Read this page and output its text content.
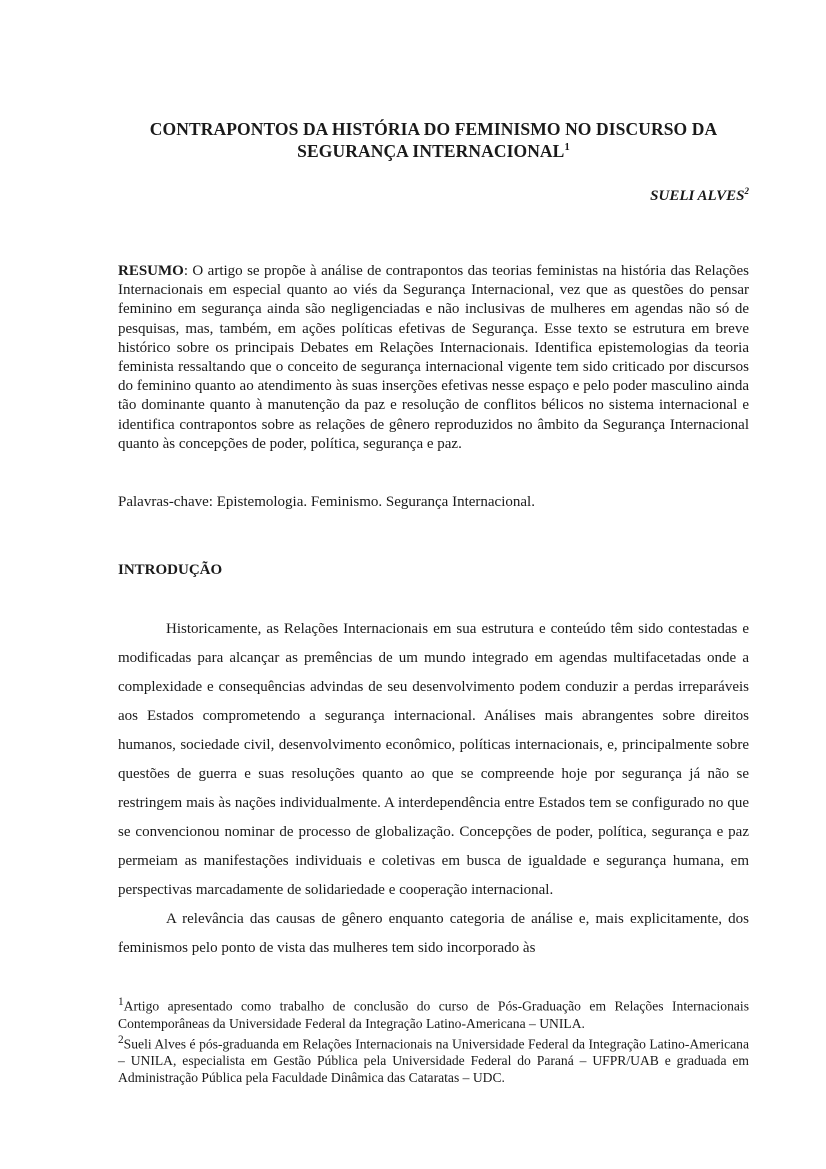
CONTRAPONTOS DA HISTÓRIA DO FEMINISMO NO DISCURSO DA
SEGURANÇA INTERNACIONAL$^1$
SUELI ALVES$^2$

RESUMO: O artigo se propõe à análise de contrapontos das teorias feministas na história das Relações Internacionais em especial quanto ao viés da Segurança Internacional, vez que as questões do pensar feminino em segurança ainda são negligenciadas e não inclusivas de mulheres em agendas não só de pesquisas, mas, também, em ações políticas efetivas de Segurança. Esse texto se estrutura em breve histórico sobre os principais Debates em Relações Internacionais. Identifica epistemologias da teoria feminista ressaltando que o conceito de segurança internacional vigente tem sido criticado por discursos do feminino quanto ao atendimento às suas inserções efetivas nesse espaço e pelo poder masculino ainda tão dominante quanto à manutenção da paz e resolução de conflitos bélicos no sistema internacional e identifica contrapontos sobre as relações de gênero reproduzidos no âmbito da Segurança Internacional quanto às concepções de poder, política, segurança e paz.

Palavras-chave: Epistemologia. Feminismo. Segurança Internacional.

INTRODUÇÃO

Historicamente, as Relações Internacionais em sua estrutura e conteúdo têm sido contestadas e modificadas para alcançar as premências de um mundo integrado em agendas multifacetadas onde a complexidade e consequências advindas de seu desenvolvimento podem conduzir a perdas irreparáveis aos Estados comprometendo a segurança internacional. Análises mais abrangentes sobre direitos humanos, sociedade civil, desenvolvimento econômico, políticas internacionais, e, principalmente sobre questões de guerra e suas resoluções quanto ao que se compreende hoje por segurança já não se restringem mais às nações individualmente. A interdependência entre Estados tem se configurado no que se convencionou nominar de processo de globalização. Concepções de poder, política, segurança e paz permeiam as manifestações individuais e coletivas em busca de igualdade e segurança humana, em perspectivas marcadamente de solidariedade e cooperação internacional.

A relevância das causas de gênero enquanto categoria de análise e, mais explicitamente, dos feminismos pelo ponto de vista das mulheres tem sido incorporado às

$^1$Artigo apresentado como trabalho de conclusão do curso de Pós-Graduação em Relações Internacionais Contemporâneas da Universidade Federal da Integração Latino-Americana – UNILA.

$^2$Sueli Alves é pós-graduanda em Relações Internacionais na Universidade Federal da Integração Latino-Americana – UNILA, especialista em Gestão Pública pela Universidade Federal do Paraná – UFPR/UAB e graduada em Administração Pública pela Faculdade Dinâmica das Cataratas – UDC.
